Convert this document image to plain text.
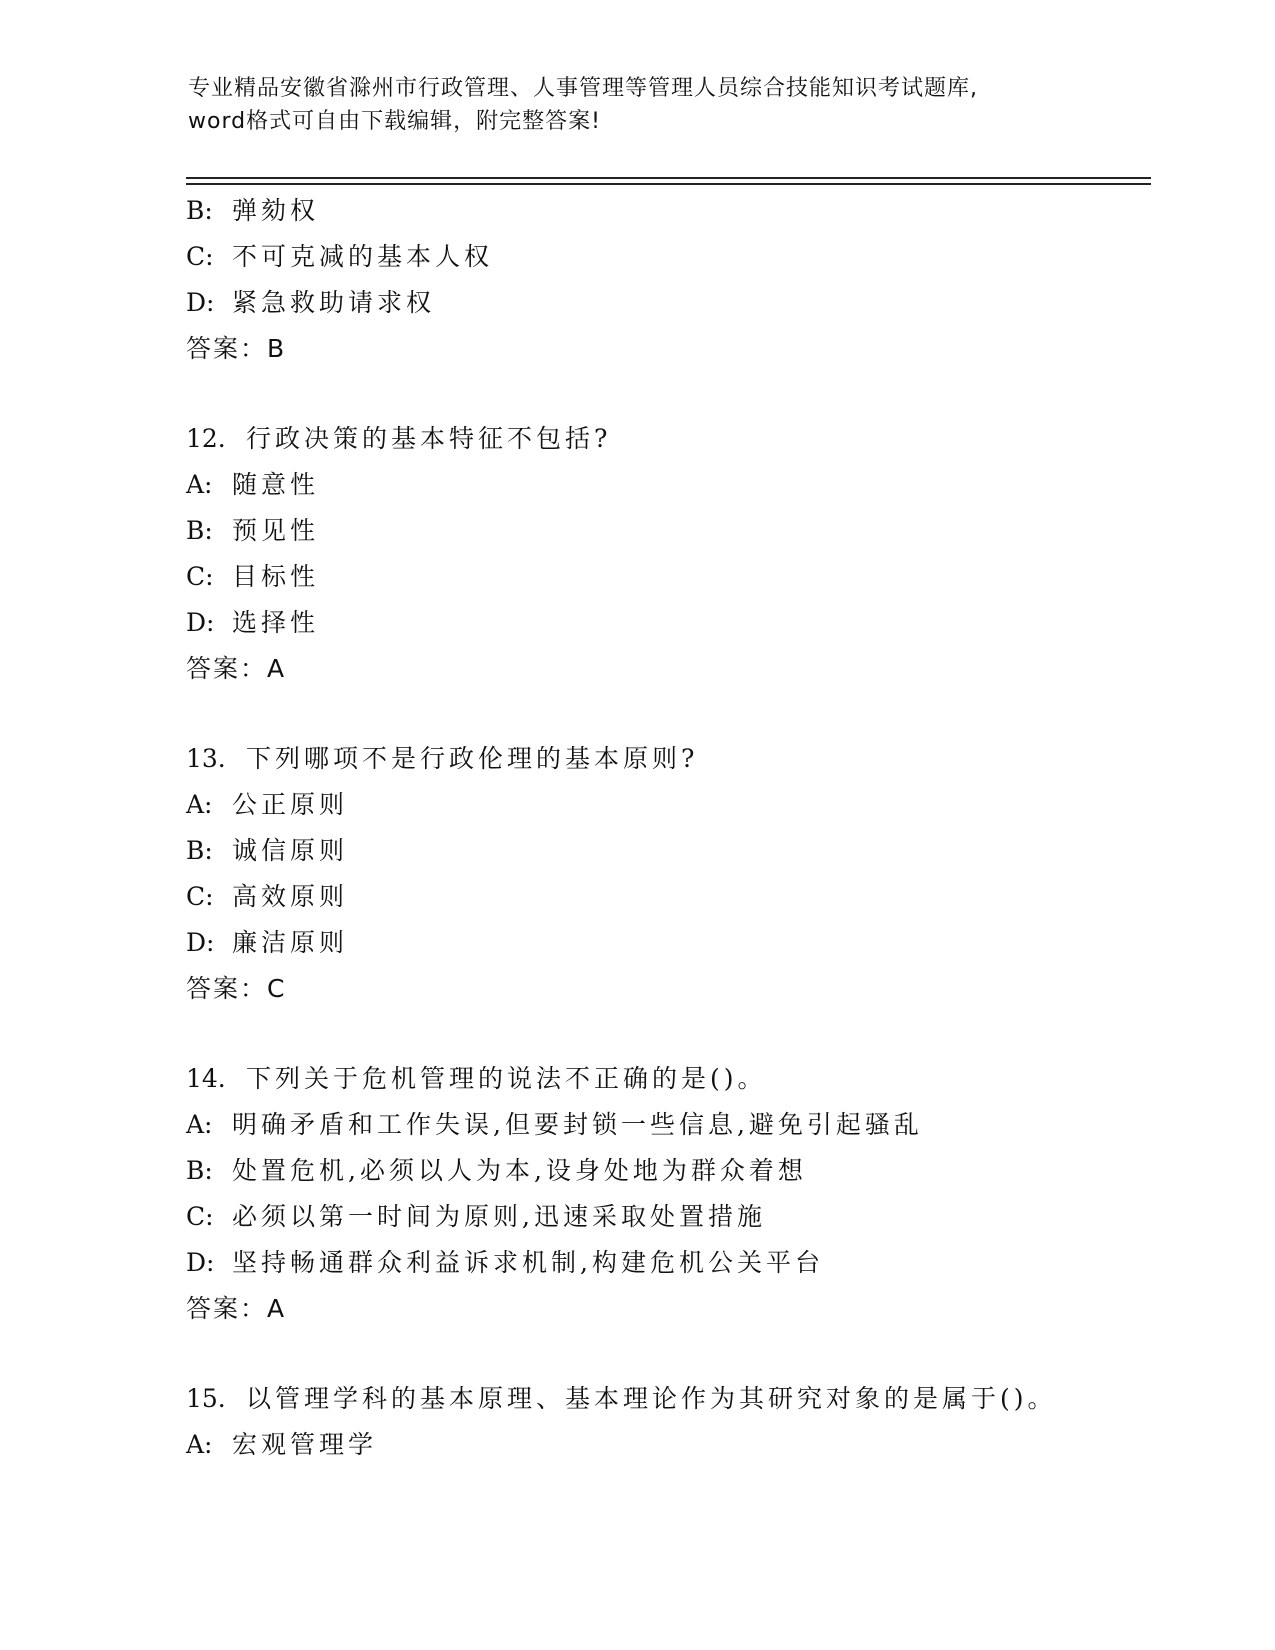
专业精品安徽省滁州市行政管理、人事管理等管理人员综合技能知识考试题库,
word格式可自由下载编辑，附完整答案!
B: 弹劾权
C: 不可克减的基本人权
D: 紧急救助请求权
答案：B
12. 行政决策的基本特征不包括?
A: 随意性
B: 预见性
C: 目标性
D: 选择性
答案：A
13. 下列哪项不是行政伦理的基本原则?
A: 公正原则
B: 诚信原则
C: 高效原则
D: 廉洁原则
答案：C
14. 下列关于危机管理的说法不正确的是()。
A: 明确矛盾和工作失误,但要封锁一些信息,避免引起骚乱
B: 处置危机,必须以人为本,设身处地为群众着想
C: 必须以第一时间为原则,迅速采取处置措施
D: 坚持畅通群众利益诉求机制,构建危机公关平台
答案：A
15. 以管理学科的基本原理、基本理论作为其研究对象的是属于()。
A: 宏观管理学
